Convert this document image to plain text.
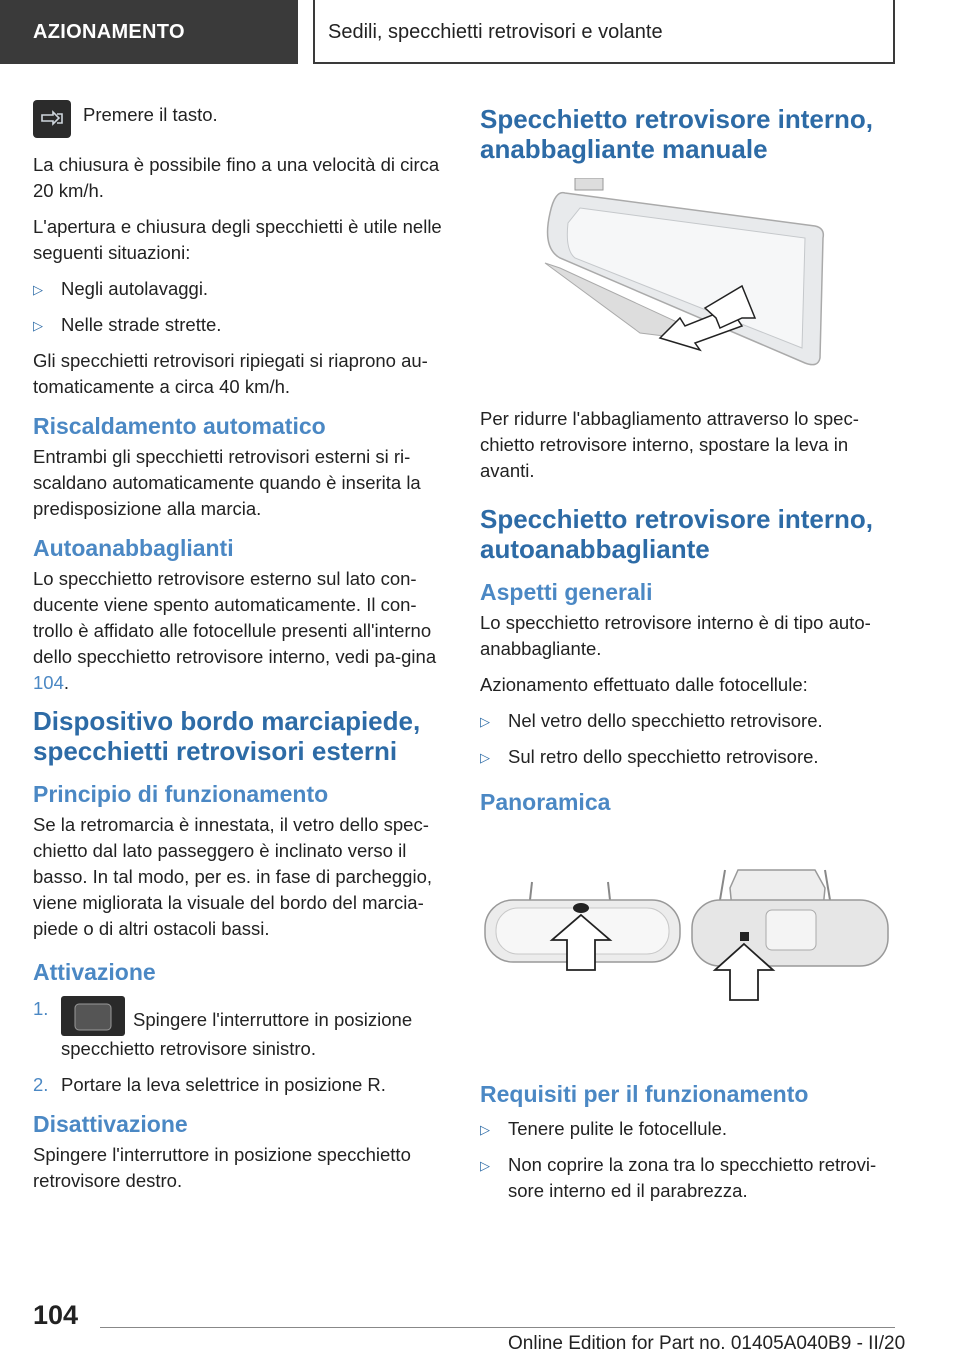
AZIONAMENTO	Sedili, specchietti retrovisori e volante
Premere il tasto.

La chiusura è possibile fino a una velocità di circa 20 km/h.

L'apertura e chiusura degli specchietti è utile nelle seguenti situazioni:

▷ Negli autolavaggi.
▷ Nelle strade strette.

Gli specchietti retrovisori ripiegati si riaprono au-tomaticamente a circa 40 km/h.

Riscaldamento automatico

Entrambi gli specchietti retrovisori esterni si ri-scaldano automaticamente quando è inserita la predisposizione alla marcia.

Autoanabbaglianti

Lo specchietto retrovisore esterno sul lato con-ducente viene spento automaticamente. Il con-trollo è affidato alle fotocellule presenti all'interno dello specchietto retrovisore interno, vedi pa-gina 104.

Dispositivo bordo marciapiede, specchietti retrovisori esterni
Principio di funzionamento

Se la retromarcia è innestata, il vetro dello spec-chietto dal lato passeggero è inclinato verso il basso. In tal modo, per es. in fase di parcheggio, viene migliorata la visuale del bordo del marcia-piede o di altri ostacoli bassi.

Attivazione
1.
Spingere l'interruttore in posizione specchietto retrovisore sinistro.
2. Portare la leva selettrice in posizione R.
Disattivazione

Spingere l'interruttore in posizione specchietto retrovisore destro.

Specchietto retrovisore interno, anabbagliante manuale

Per ridurre l'abbagliamento attraverso lo spec-chietto retrovisore interno, spostare la leva in avanti.

Specchietto retrovisore interno, autoanabbagliante
Aspetti generali

Lo specchietto retrovisore interno è di tipo auto-anabbagliante.

Azionamento effettuato dalle fotocellule:

▷ Nel vetro dello specchietto retrovisore.
▷ Sul retro dello specchietto retrovisore.
Panoramica
Requisiti per il funzionamento
▷ Tenere pulite le fotocellule.
▷ Non coprire la zona tra lo specchietto retrovi-sore interno ed il parabrezza.
104
Online Edition for Part no. 01405A040B9 - II/20
